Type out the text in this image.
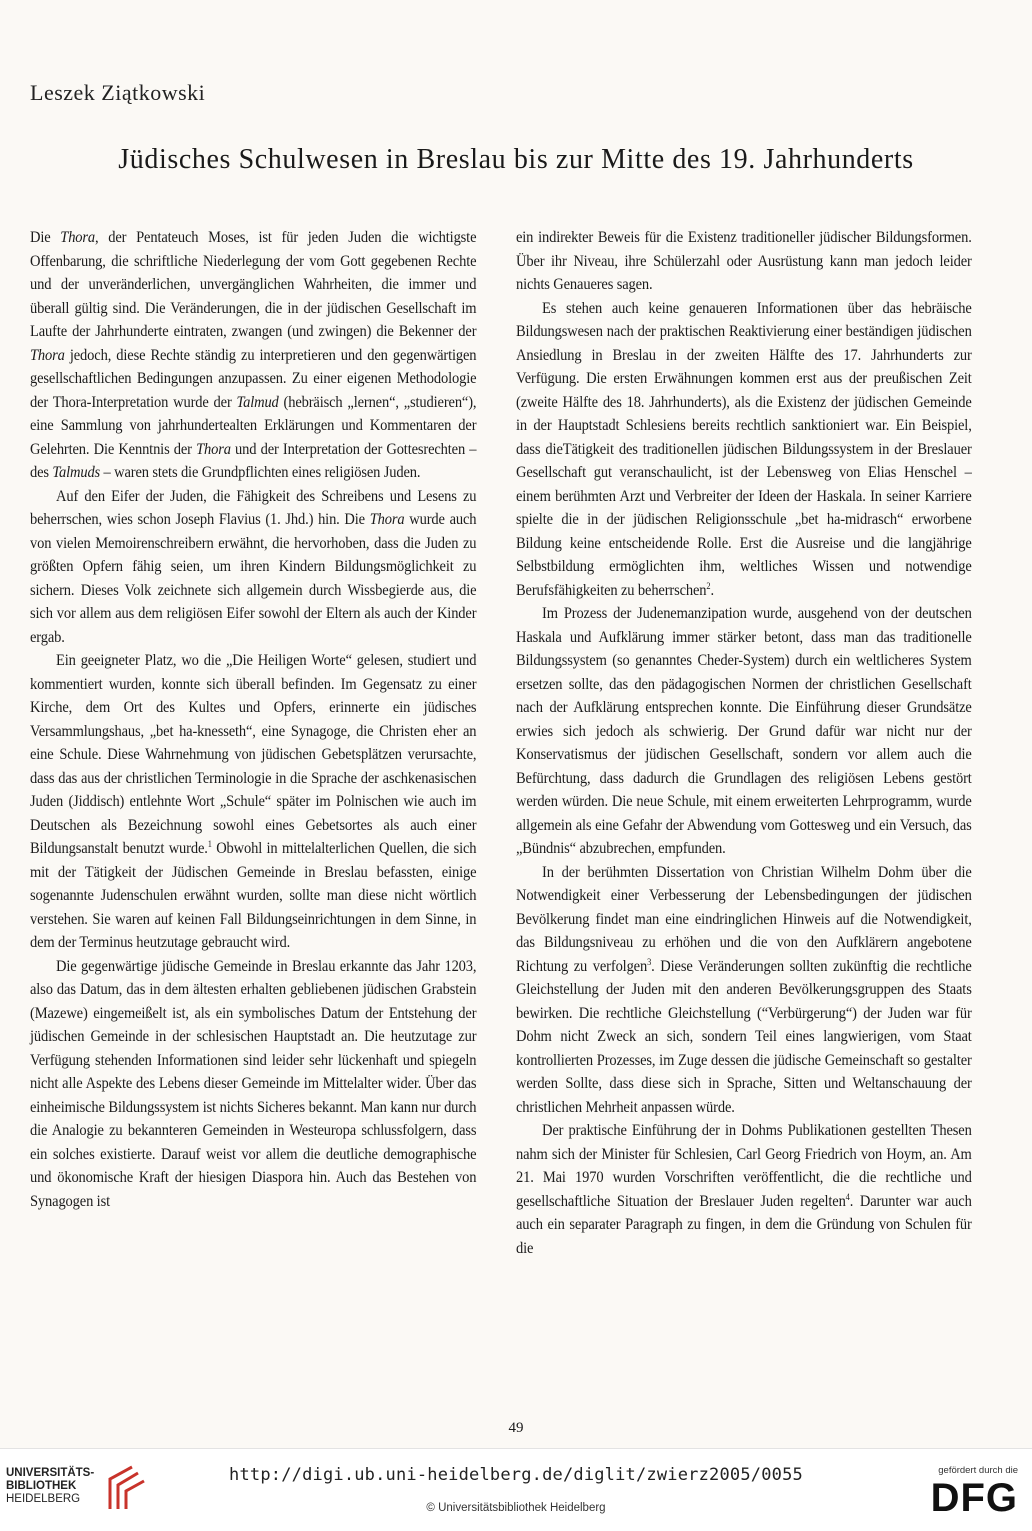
Leszek Ziątkowski
Jüdisches Schulwesen in Breslau bis zur Mitte des 19. Jahrhunderts

Die Thora, der Pentateuch Moses, ist für jeden Juden die wichtigste Offenbarung, die schriftliche Niederlegung der vom Gott gegebenen Rechte und der unveränderlichen, unvergänglichen Wahrheiten, die immer und überall gültig sind. Die Veränderungen, die in der jüdischen Gesellschaft im Laufte der Jahrhunderte eintraten, zwangen (und zwingen) die Bekenner der Thora jedoch, diese Rechte ständig zu interpretieren und den gegenwärtigen gesellschaftlichen Bedingungen anzupassen. Zu einer eigenen Methodologie der Thora-Interpretation wurde der Talmud (hebräisch „lernen“, „studieren“), eine Sammlung von jahrhundertealten Erklärungen und Kommentaren der Gelehrten. Die Kenntnis der Thora und der Interpretation der Gottesrechten – des Talmuds – waren stets die Grundpflichten eines religiösen Juden.

Auf den Eifer der Juden, die Fähigkeit des Schreibens und Lesens zu beherrschen, wies schon Joseph Flavius (1. Jhd.) hin. Die Thora wurde auch von vielen Memoirenschreibern erwähnt, die hervorhoben, dass die Juden zu größten Opfern fähig seien, um ihren Kindern Bildungsmöglichkeit zu sichern. Dieses Volk zeichnete sich allgemein durch Wissbegierde aus, die sich vor allem aus dem religiösen Eifer sowohl der Eltern als auch der Kinder ergab.

Ein geeigneter Platz, wo die „Die Heiligen Worte“ gelesen, studiert und kommentiert wurden, konnte sich überall befinden. Im Gegensatz zu einer Kirche, dem Ort des Kultes und Opfers, erinnerte ein jüdisches Versammlungshaus, „bet ha-knesseth“, eine Synagoge, die Christen eher an eine Schule. Diese Wahrnehmung von jüdischen Gebetsplätzen verursachte, dass das aus der christlichen Terminologie in die Sprache der aschkenasischen Juden (Jiddisch) entlehnte Wort „Schule“ später im Polnischen wie auch im Deutschen als Bezeichnung sowohl eines Gebetsortes als auch einer Bildungsanstalt benutzt wurde.$^1$ Obwohl in mittelalterlichen Quellen, die sich mit der Tätigkeit der Jüdischen Gemeinde in Breslau befassten, einige sogenannte Judenschulen erwähnt wurden, sollte man diese nicht wörtlich verstehen. Sie waren auf keinen Fall Bildungseinrichtungen in dem Sinne, in dem der Terminus heutzutage gebraucht wird.

Die gegenwärtige jüdische Gemeinde in Breslau erkannte das Jahr 1203, also das Datum, das in dem ältesten erhalten gebliebenen jüdischen Grabstein (Mazewe) eingemeißelt ist, als ein symbolisches Datum der Entstehung der jüdischen Gemeinde in der schlesischen Hauptstadt an. Die heutzutage zur Verfügung stehenden Informationen sind leider sehr lückenhaft und spiegeln nicht alle Aspekte des Lebens dieser Gemeinde im Mittelalter wider. Über das einheimische Bildungssystem ist nichts Sicheres bekannt. Man kann nur durch die Analogie zu bekannteren Gemeinden in Westeuropa schlussfolgern, dass ein solches existierte. Darauf weist vor allem die deutliche demographische und ökonomische Kraft der hiesigen Diaspora hin. Auch das Bestehen von Synagogen ist

ein indirekter Beweis für die Existenz traditioneller jüdischer Bildungsformen. Über ihr Niveau, ihre Schülerzahl oder Ausrüstung kann man jedoch leider nichts Genaueres sagen.

Es stehen auch keine genaueren Informationen über das hebräische Bildungswesen nach der praktischen Reaktivierung einer beständigen jüdischen Ansiedlung in Breslau in der zweiten Hälfte des 17. Jahrhunderts zur Verfügung. Die ersten Erwähnungen kommen erst aus der preußischen Zeit (zweite Hälfte des 18. Jahrhunderts), als die Existenz der jüdischen Gemeinde in der Hauptstadt Schlesiens bereits rechtlich sanktioniert war. Ein Beispiel, dass dieTätigkeit des traditionellen jüdischen Bildungssystem in der Breslauer Gesellschaft gut veranschaulicht, ist der Lebensweg von Elias Henschel – einem berühmten Arzt und Verbreiter der Ideen der Haskala. In seiner Karriere spielte die in der jüdischen Religionsschule „bet ha-midrasch“ erworbene Bildung keine entscheidende Rolle. Erst die Ausreise und die langjährige Selbstbildung ermöglichten ihm, weltliches Wissen und notwendige Berufsfähigkeiten zu beherrschen$^2$.

Im Prozess der Judenemanzipation wurde, ausgehend von der deutschen Haskala und Aufklärung immer stärker betont, dass man das traditionelle Bildungssystem (so genanntes Cheder-System) durch ein weltlicheres System ersetzen sollte, das den pädagogischen Normen der christlichen Gesellschaft nach der Aufklärung entsprechen konnte. Die Einführung dieser Grundsätze erwies sich jedoch als schwierig. Der Grund dafür war nicht nur der Konservatismus der jüdischen Gesellschaft, sondern vor allem auch die Befürchtung, dass dadurch die Grundlagen des religiösen Lebens gestört werden würden. Die neue Schule, mit einem erweiterten Lehrprogramm, wurde allgemein als eine Gefahr der Abwendung vom Gottesweg und ein Versuch, das „Bündnis“ abzubrechen, empfunden.

In der berühmten Dissertation von Christian Wilhelm Dohm über die Notwendigkeit einer Verbesserung der Lebensbedingungen der jüdischen Bevölkerung findet man eine eindringlichen Hinweis auf die Notwendigkeit, das Bildungsniveau zu erhöhen und die von den Aufklärern angebotene Richtung zu verfolgen$^3$. Diese Veränderungen sollten zukünftig die rechtliche Gleichstellung der Juden mit den anderen Bevölkerungsgruppen des Staats bewirken. Die rechtliche Gleichstellung (“Verbürgerung“) der Juden war für Dohm nicht Zweck an sich, sondern Teil eines langwierigen, vom Staat kontrollierten Prozesses, im Zuge dessen die jüdische Gemeinschaft so gestalter werden Sollte, dass diese sich in Sprache, Sitten und Weltanschauung der christlichen Mehrheit anpassen würde.

Der praktische Einführung der in Dohms Publikationen gestellten Thesen nahm sich der Minister für Schlesien, Carl Georg Friedrich von Hoym, an. Am 21. Mai 1970 wurden Vorschriften veröffentlicht, die die rechtliche und gesellschaftliche Situation der Breslauer Juden regelten$^4$. Darunter war auch auch ein separater Paragraph zu fingen, in dem die Gründung von Schulen für die

49
UNIVERSITÄTS-
BIBLIOTHEK
HEIDELBERG
http://digi.ub.uni-heidelberg.de/diglit/zwierz2005/0055
© Universitätsbibliothek Heidelberg
gefördert durch die
DFG
